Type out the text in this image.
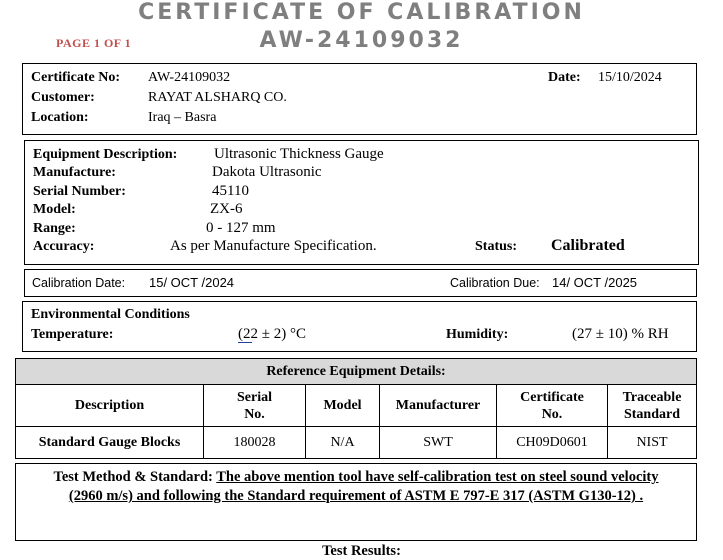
CERTIFICATE OF CALIBRATION
AW-24109032
PAGE 1 OF 1
Certificate No: AW-24109032	Date: 15/10/2024
Customer:	RAYAT ALSHARQ CO.
Location:	Iraq – Basra
Equipment Description: Ultrasonic Thickness Gauge
Manufacture:	Dakota Ultrasonic
Serial Number:	45110
Model:	ZX-6
Range:	0 - 127 mm
Accuracy:	As per Manufacture Specification.	Status: Calibrated
Calibration Date: 15/ OCT /2024	Calibration Due: 14/ OCT /2025
Environmental Conditions
Temperature:	(22 ± 2) °C	Humidity:	(27 ± 10) % RH
Reference Equipment Details:					
Description	Serial No.	Model	Manufacturer	Certificate No.	Traceable Standard

Standard Gauge Blocks	180028	N/A	SWT	CH09D0601	NIST
Test Method & Standard: The above mention tool have self-calibration test on steel sound velocity (2960 m/s) and following the Standard requirement of ASTM E 797-E 317 (ASTM G130-12) .
Test Results:
